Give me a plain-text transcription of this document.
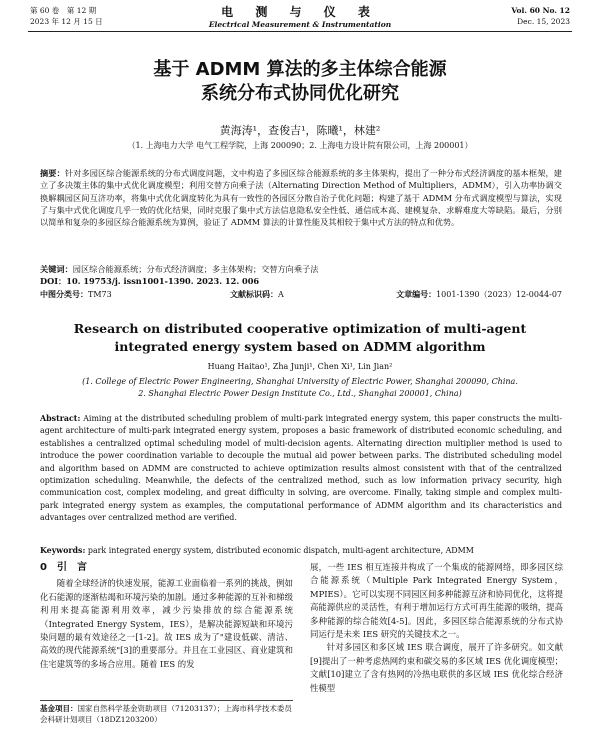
第 60 卷　第 12 期
2023 年 12 月 15 日
电 测 与 仪 表
Electrical Measurement & Instrumentation
Vol. 60 No. 12
Dec. 15, 2023
基于 ADMM 算法的多主体综合能源
系统分布式协同优化研究
黄海涛¹，查俊吉¹，陈曦¹，林建²
（1. 上海电力大学 电气工程学院，上海 200090；2. 上海电力设计院有限公司，上海 200001）
摘要：针对多园区综合能源系统的分布式调度问题，文中构造了多园区综合能源系统的多主体架构，提出了一种分布式经济调度的基本框架，建立了多决策主体的集中式优化调度模型；利用交替方向乘子法（Alternating Direction Method of Multipliers，ADMM），引入功率协调交换解耦园区间互济功率，将集中式优化调度转化为具有一致性的各园区分散自治子优化问题；构建了基于 ADMM 分布式调度模型与算法，实现了与集中式优化调度几乎一致的优化结果，同时克服了集中式方法信息隐私安全性低、通信成本高、建模复杂、求解难度大等缺陷。最后，分别以简单和复杂的多园区综合能源系统为算例，验证了 ADMM 算法的计算性能及其相较于集中式方法的特点和优势。
关键词：园区综合能源系统；分布式经济调度；多主体架构；交替方向乘子法
DOI：10. 19753/j. issn1001-1390. 2023. 12. 006
中图分类号：TM73	文献标识码：A	文章编号：1001-1390（2023）12-0044-07
Research on distributed cooperative optimization of multi-agent
integrated energy system based on ADMM algorithm
Huang Haitao¹, Zha Junji¹, Chen Xi¹, Lin Jian²
(1. College of Electric Power Engineering, Shanghai University of Electric Power, Shanghai 200090, China.
2. Shanghai Electric Power Design Institute Co., Ltd., Shanghai 200001, China)
Abstract: Aiming at the distributed scheduling problem of multi-park integrated energy system, this paper constructs the multi-agent architecture of multi-park integrated energy system, proposes a basic framework of distributed economic scheduling, and establishes a centralized optimal scheduling model of multi-decision agents. Alternating direction multiplier method is used to introduce the power coordination variable to decouple the mutual aid power between parks. The distributed scheduling model and algorithm based on ADMM are constructed to achieve optimization results almost consistent with that of the centralized optimization scheduling. Meanwhile, the defects of the centralized method, such as low information privacy security, high communication cost, complex modeling, and great difficulty in solving, are overcome. Finally, taking simple and complex multi-park integrated energy system as examples, the computational performance of ADMM algorithm and its characteristics and advantages over centralized method are verified.
Keywords: park integrated energy system, distributed economic dispatch, multi-agent architecture, ADMM
0　引　言

随着全球经济的快速发展，能源工业面临着一系列的挑战，例如化石能源的逐渐枯竭和环境污染的加剧。通过多种能源的互补和梯级利用来提高能源利用效率，减少污染排放的综合能源系统（Integrated Energy System，IES），是解决能源短缺和环境污染问题的最有效途径之一[1-2]。故 IES 成为了"建设低碳、清洁、高效的现代能源系统"[3]的重要部分。并且在工业园区、商业建筑和住宅建筑等的多场合应用。随着 IES 的发

展，一些 IES 相互连接并构成了一个集成的能源网络，即多园区综合能源系统（Multiple Park Integrated Energy System，MPIES）。它可以实现不同园区间多种能源互济和协同优化，这将提高能源供应的灵活性，有利于增加运行方式可再生能源的吸纳，提高多种能源的综合能效[4-5]。因此，多园区综合能源系统的分布式协同运行是未来 IES 研究的关键技术之一。

针对多园区和多区域 IES 联合调度，展开了许多研究。如文献[9]提出了一种考虑热网约束和碳交易的多区域 IES 优化调度模型；文献[10]建立了含有热网的冷热电联供的多区域 IES 优化综合经济性模型

基金项目：国家自然科学基金资助项目（71203137）；上海市科学技术委员会科研计划项目（18DZ1203200）
